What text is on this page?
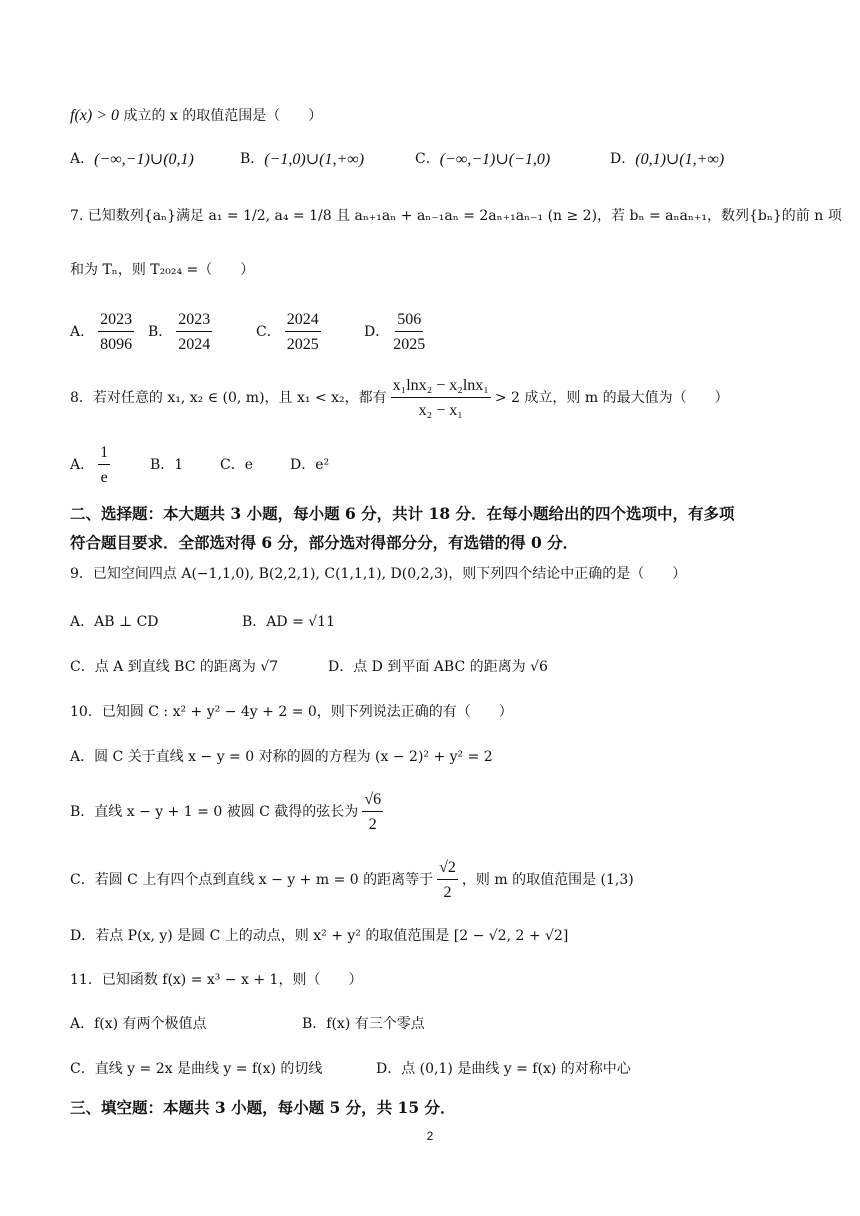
f(x) > 0 成立的 x 的取值范围是（　　）
A． (−∞,−1)∪(0,1)	B． (−1,0)∪(1,+∞)	C． (−∞,−1)∪(−1,0)	D． (0,1)∪(1,+∞)
7. 已知数列{aₙ}满足 a₁ = 1/2, a₄ = 1/8 且 aₙ₊₁aₙ + aₙ₋₁aₙ = 2aₙ₊₁aₙ₋₁ (n ≥ 2)，若 bₙ = aₙaₙ₊₁，数列{bₙ}的前 n 项
和为 Tₙ，则 T₂₀₂₄ =（　　）
A． $\frac{2023}{8096}$ B． $\frac{2023}{2024}$	C． $\frac{2024}{2025}$	D． $\frac{506}{2025}$
8．若对任意的 x₁, x₂ ∈ (0, m)，且 x₁ < x₂，都有 $\frac{\text{x₁lnx₂ − x₂lnx₁}}{\text{x₂ − x₁}} > 2$ 成立，则 m 的最大值为（　　）
A． $\frac{1}{e}$	B． 1	C． e	D． e²
二、选择题：本大题共 3 小题，每小题 6 分，共计 18 分．在每小题给出的四个选项中，有多项
符合题目要求．全部选对得 6 分，部分选对得部分分，有选错的得 0 分．
9．已知空间四点 A(−1,1,0), B(2,2,1), C(1,1,1), D(0,2,3)，则下列四个结论中正确的是（　　）
A．AB ⊥ CD	B．AD = √11
C．点 A 到直线 BC 的距离为 √7	D．点 D 到平面 ABC 的距离为 √6
10．已知圆 C : x² + y² − 4y + 2 = 0，则下列说法正确的有（　　）
A．圆 C 关于直线 x − y = 0 对称的圆的方程为 (x − 2)² + y² = 2
B．直线 x − y + 1 = 0 被圆 C 截得的弦长为 $\frac{√6}{2}$
C．若圆 C 上有四个点到直线 x − y + m = 0 的距离等于 $\frac{√2}{2}$ ，则 m 的取值范围是 (1,3)
D．若点 P(x, y) 是圆 C 上的动点，则 x² + y² 的取值范围是 [2 − √2, 2 + √2]
11．已知函数 f(x) = x³ − x + 1，则（　　）
A．f(x) 有两个极值点	B．f(x) 有三个零点
C．直线 y = 2x 是曲线 y = f(x) 的切线	D．点 (0,1) 是曲线 y = f(x) 的对称中心
三、填空题：本题共 3 小题，每小题 5 分，共 15 分．
2
